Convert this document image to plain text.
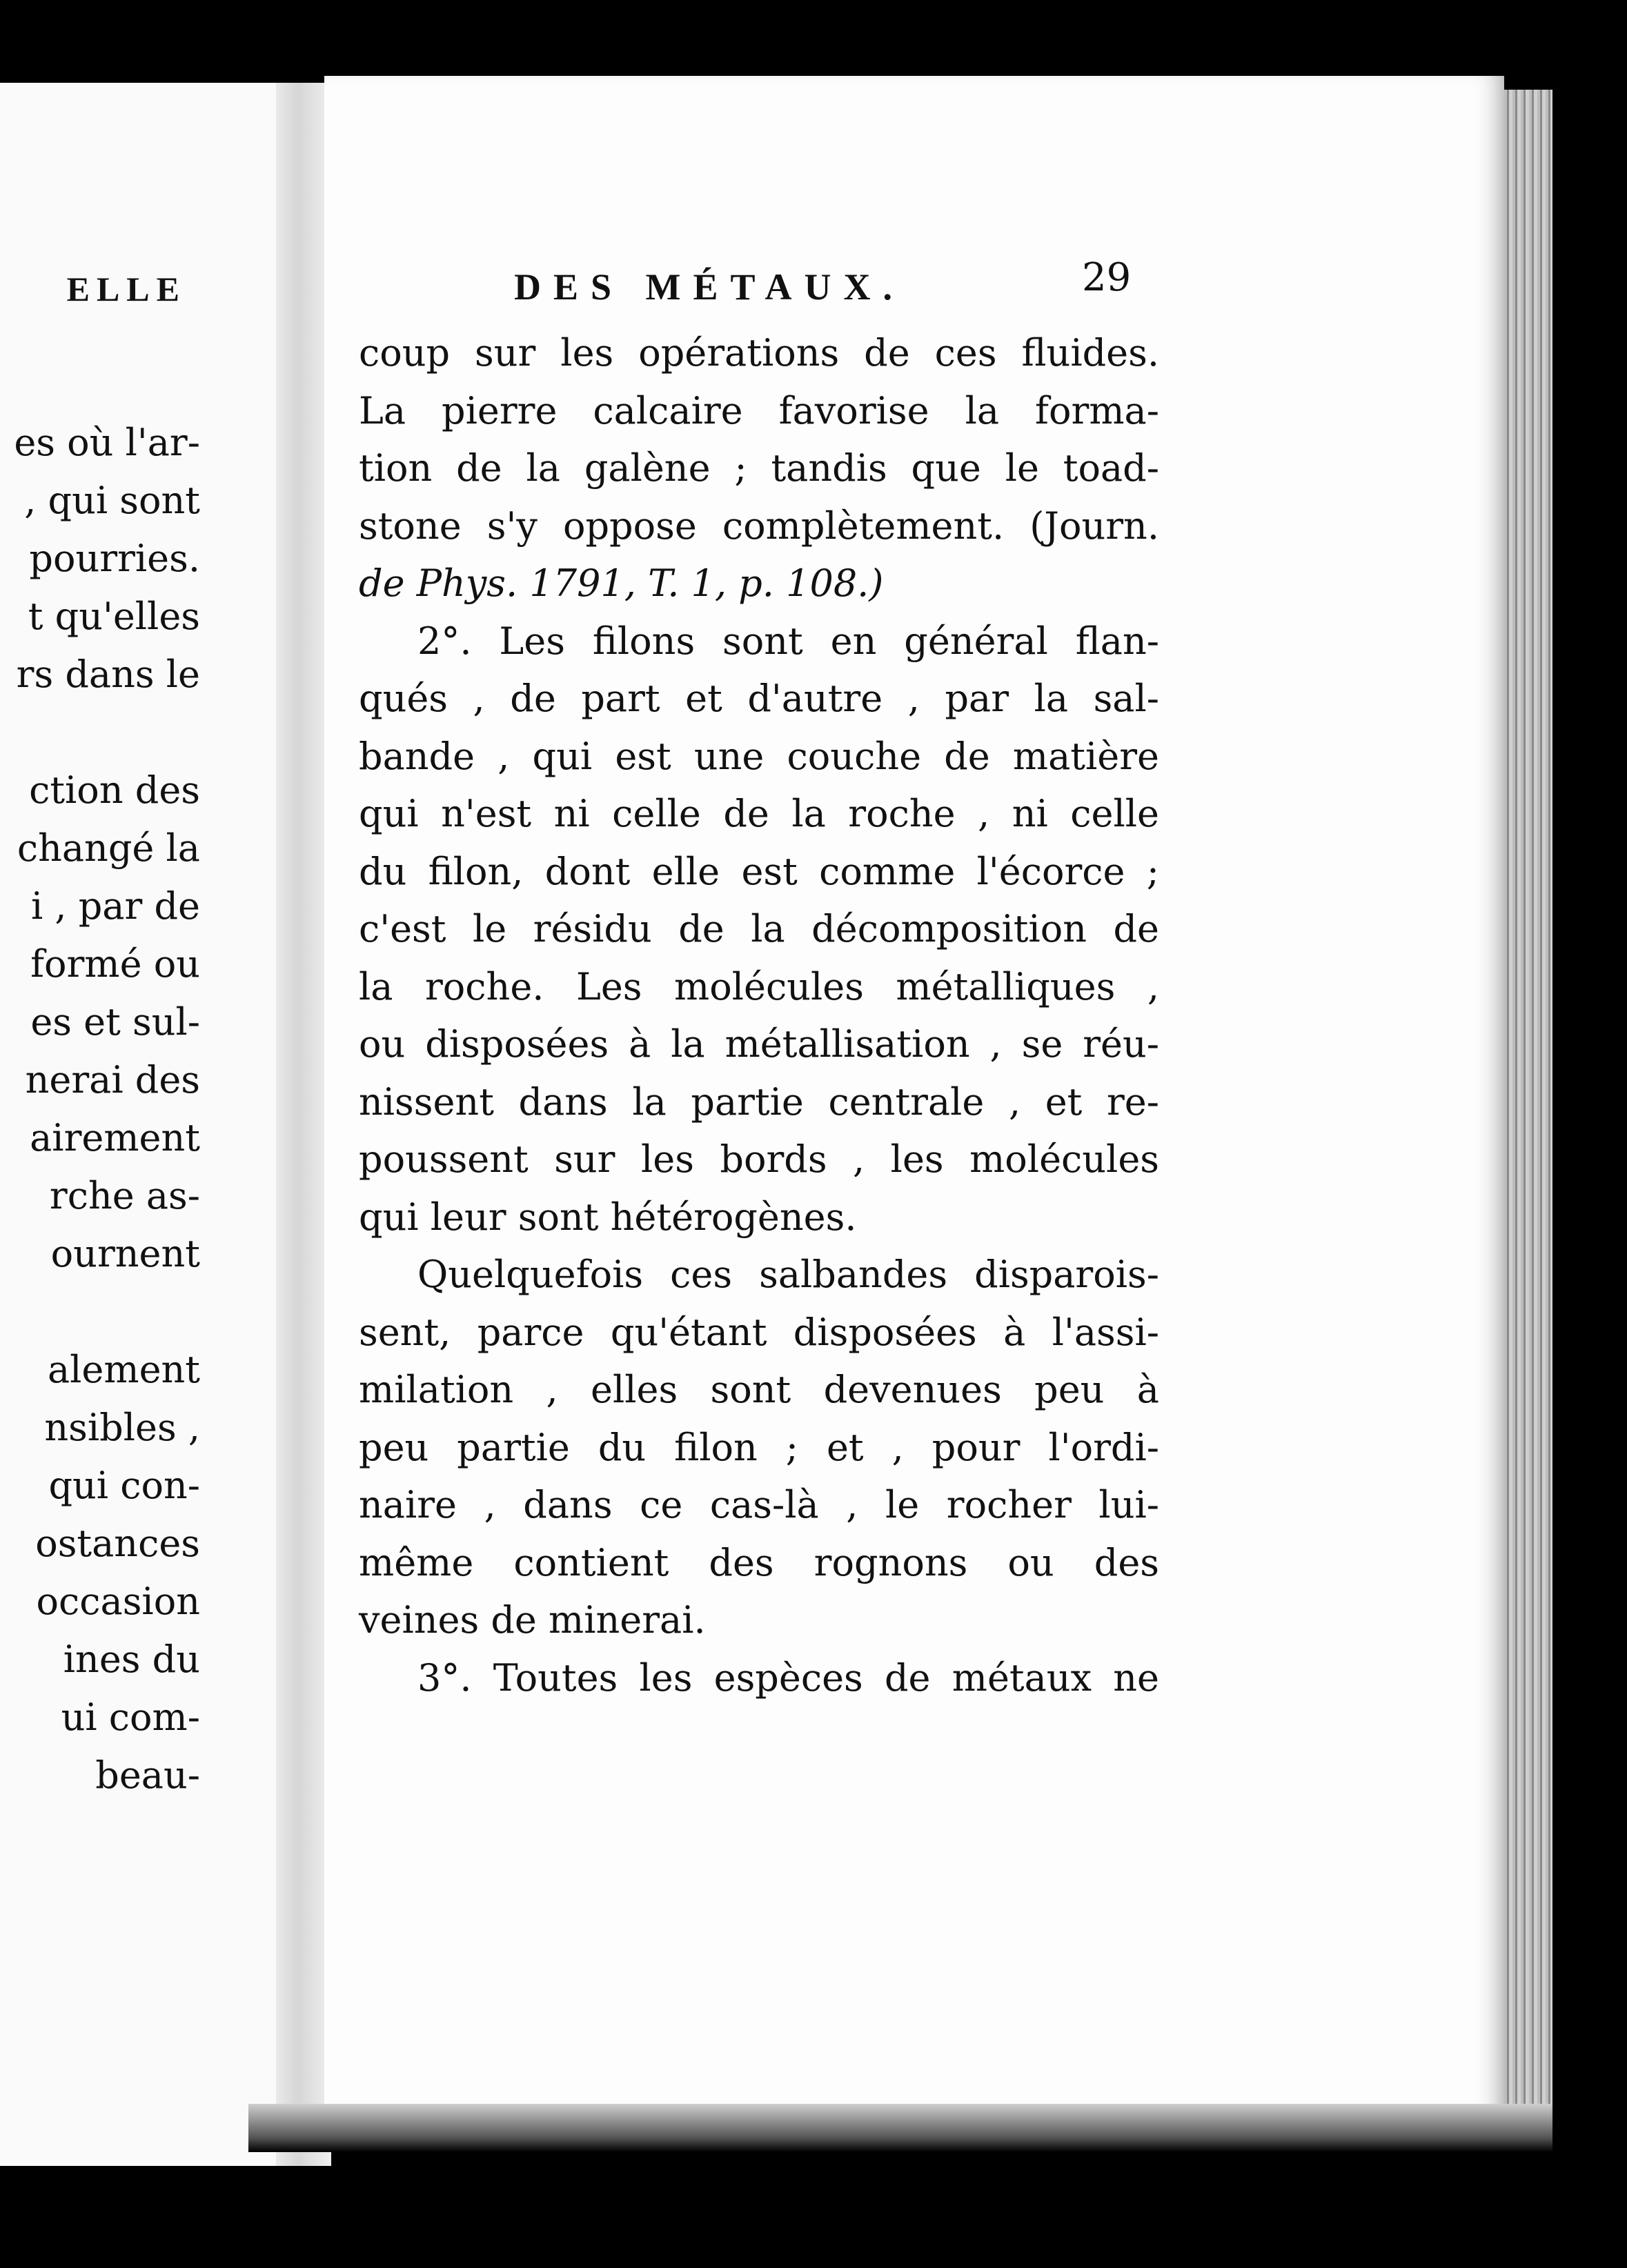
ELLE
es où l'ar-
, qui sont
pourries.
t qu'elles
rs dans le
ction des
changé la
i , par de
formé ou
es et sul-
nerai des
airement
rche as-
ournent
alement
nsibles ,
qui con-
ostances
occasion
ines du
ui com-
beau-
DES MÉTAUX.	29
coup sur les opérations de ces fluides.
La pierre calcaire favorise la forma-
tion de la galène ; tandis que le toad-
stone s'y oppose complètement. (Journ.
de Phys. 1791, T. 1, p. 108.)
2°. Les filons sont en général flan-
qués , de part et d'autre , par la sal-
bande , qui est une couche de matière
qui n'est ni celle de la roche , ni celle
du filon, dont elle est comme l'écorce ;
c'est le résidu de la décomposition de
la roche. Les molécules métalliques ,
ou disposées à la métallisation , se réu-
nissent dans la partie centrale , et re-
poussent sur les bords , les molécules
qui leur sont hétérogènes.
Quelquefois ces salbandes disparois-
sent, parce qu'étant disposées à l'assi-
milation , elles sont devenues peu à
peu partie du filon ; et , pour l'ordi-
naire , dans ce cas-là , le rocher lui-
même contient des rognons ou des
veines de minerai.
3°. Toutes les espèces de métaux ne
